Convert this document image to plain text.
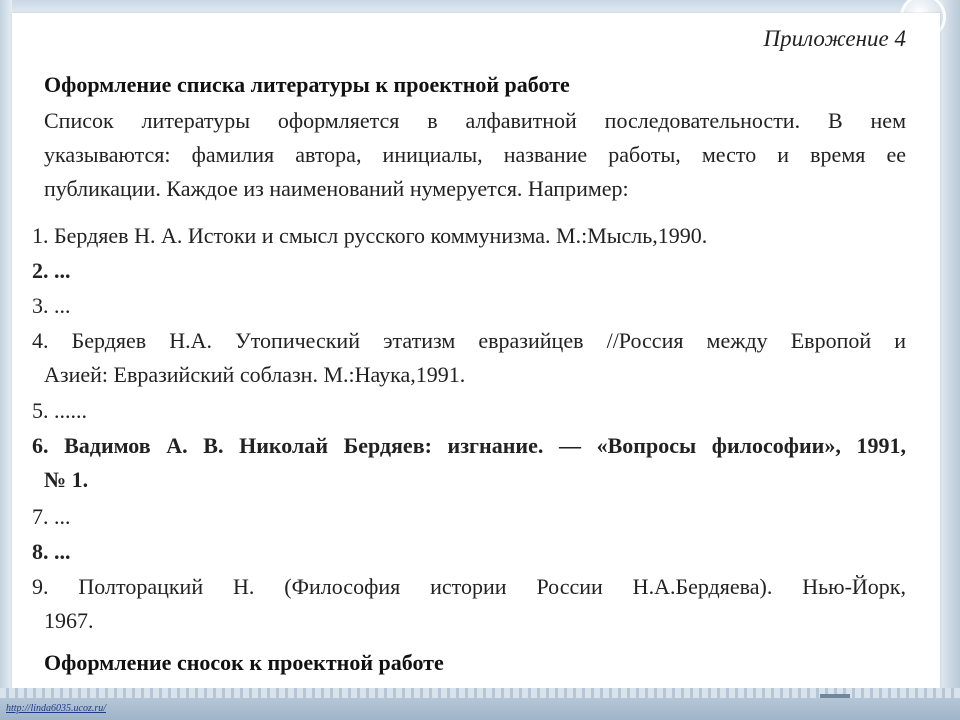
Приложение 4
Оформление списка литературы к проектной работе
Список литературы оформляется в алфавитной последовательности. В нем
указываются: фамилия автора, инициалы, название работы, место и время ее
публикации. Каждое из наименований нумеруется. Например:
1. Бердяев Н. А. Истоки и смысл русского коммунизма. М.:Мысль,1990.
2. ...
3. ...
4. Бердяев Н.А. Утопический этатизм евразийцев //Россия между Европой и
Азией: Евразийский соблазн. М.:Наука,1991.
5. ......
6. Вадимов А. В. Николай Бердяев: изгнание. — «Вопросы философии», 1991,
№ 1.
7. ...
8. ...
9. Полторацкий Н. (Философия истории России Н.А.Бердяева). Нью-Йорк,
1967.
Оформление сносок к проектной работе
http://linda6035.ucoz.ru/
